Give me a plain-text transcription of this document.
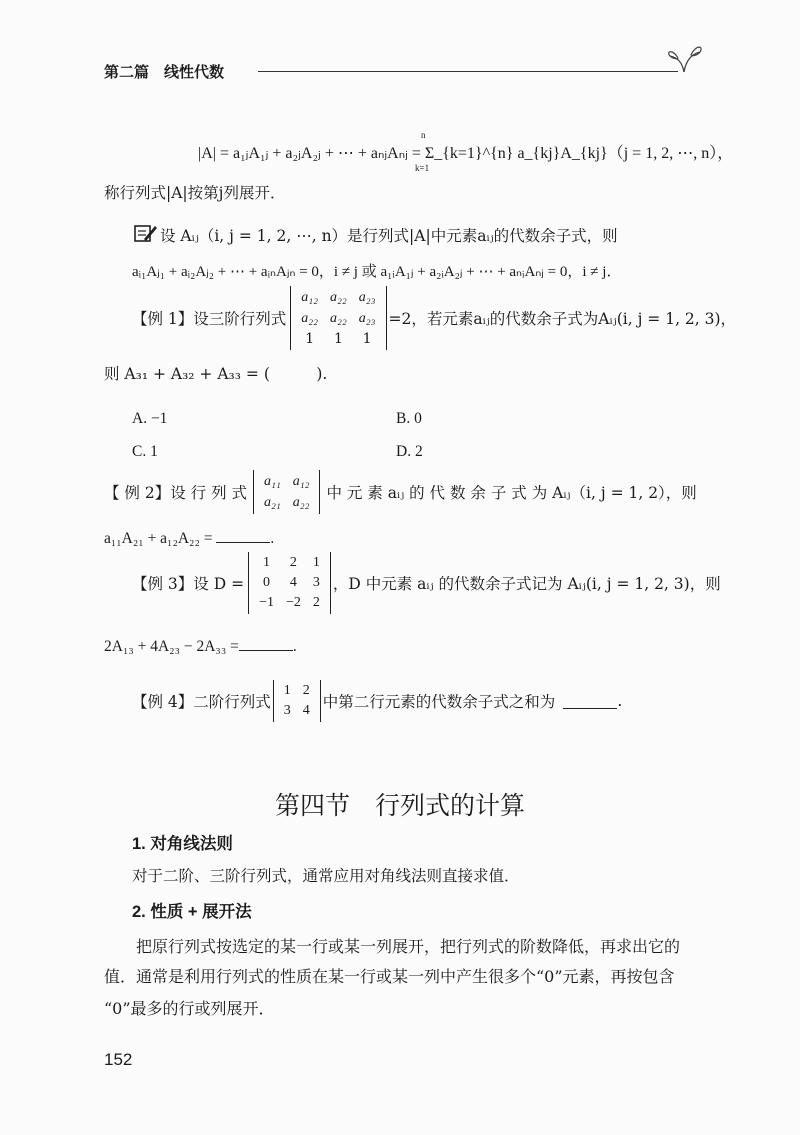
第二篇　线性代数
|A| = a₁ⱼA₁ⱼ + a₂ⱼA₂ⱼ + ⋯ + aₙⱼAₙⱼ = Σ_{k=1}^{n} a_{kj}A_{kj}（j = 1, 2, ⋯, n），
n
k=1
称行列式|A|按第j列展开．
设 Aᵢⱼ（i, j = 1, 2, ⋯, n）是行列式|A|中元素aᵢⱼ的代数余子式，则
aᵢ₁Aⱼ₁ + aᵢ₂Aⱼ₂ + ⋯ + aᵢₙAⱼₙ = 0，i ≠ j 或 a₁ᵢA₁ⱼ + a₂ᵢA₂ⱼ + ⋯ + aₙᵢAₙⱼ = 0，i ≠ j．
【例 1】设三阶行列式
a₁₂	a₂₂	a₂₃
a₂₂	a₂₂	a₂₃
1	1	1
=2，若元素aᵢⱼ的代数余子式为Aᵢⱼ(i, j = 1, 2, 3)，
则 A₃₁ + A₃₂ + A₃₃ = (　　　).
A. −1	B. 0
C. 1	D. 2
【 例 2】设 行 列 式
a₁₁	a₁₂
a₂₁	a₂₂
中 元 素 aᵢⱼ 的 代 数 余 子 式 为 Aᵢⱼ（i, j = 1, 2），则
a₁₁A₂₁ + a₁₂A₂₂ =	.
【例 3】设 D =
1	2	1
0	4	3
−1	−2	2
，D 中元素 aᵢⱼ 的代数余子式记为 Aᵢⱼ(i, j = 1, 2, 3)，则
2A₁₃ + 4A₂₃ − 2A₃₃ =	.
【例 4】二阶行列式
1	2
3	4 中第二行元素的代数余子式之和为	.
第四节　行列式的计算
1. 对角线法则
对于二阶、三阶行列式，通常应用对角线法则直接求值．
2. 性质 + 展开法
　　把原行列式按选定的某一行或某一列展开，把行列式的阶数降低，再求出它的
值．通常是利用行列式的性质在某一行或某一列中产生很多个“0”元素，再按包含
“0”最多的行或列展开．
152
